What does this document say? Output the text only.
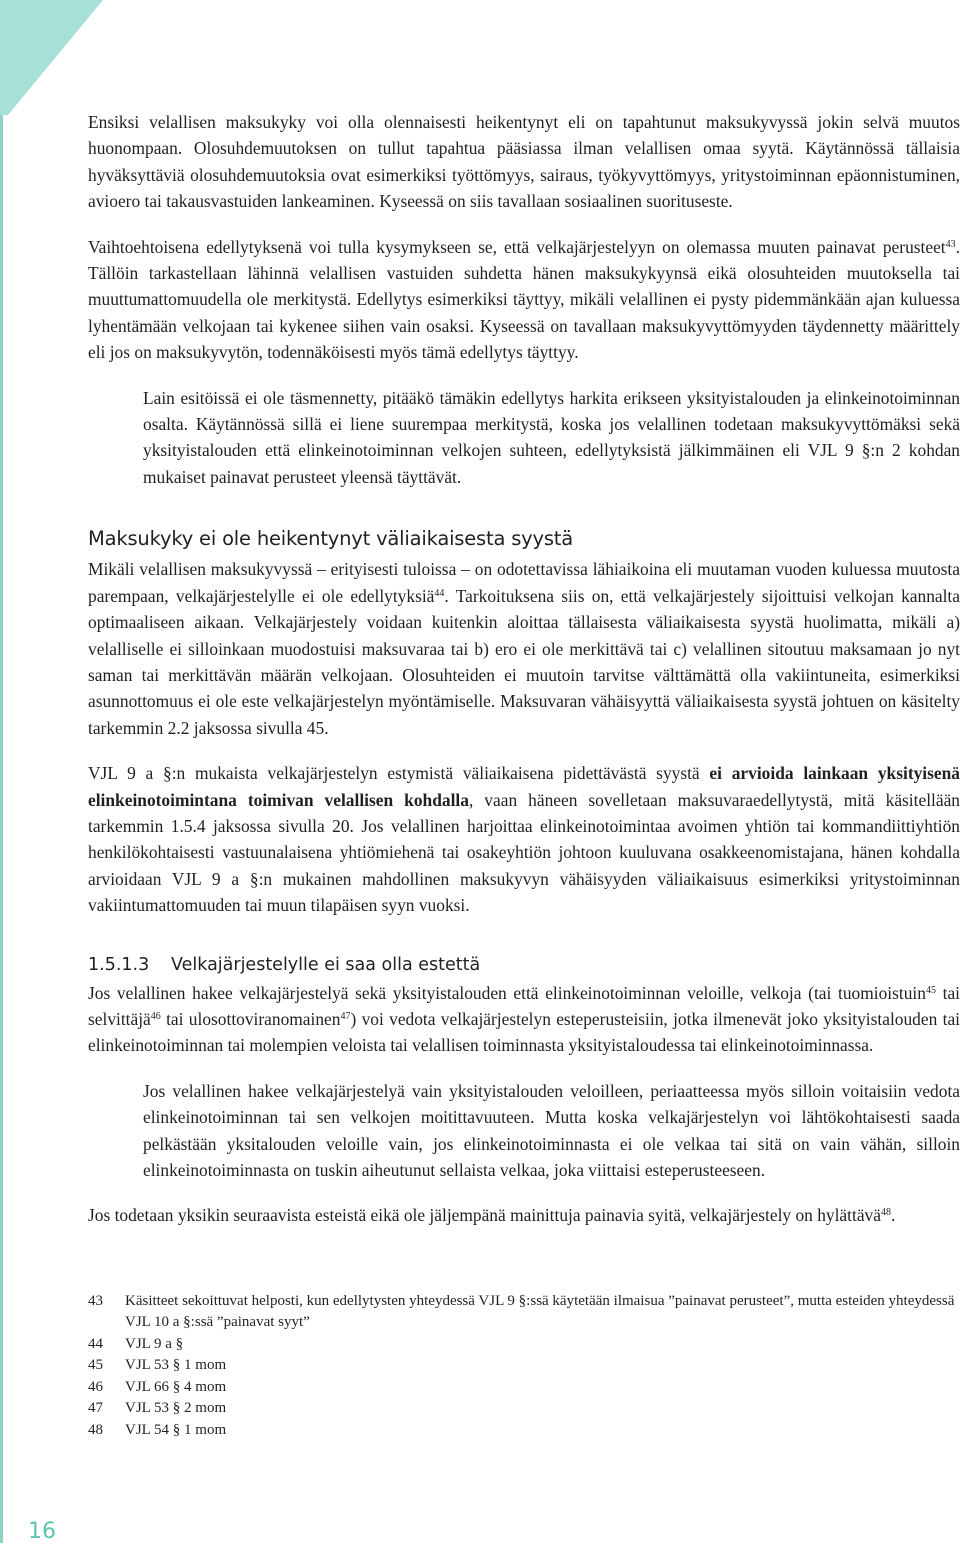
Ensiksi velallisen maksukyky voi olla olennaisesti heikentynyt eli on tapahtunut maksukyvyssä jokin selvä muutos huonompaan. Olosuhdemuutoksen on tullut tapahtua pääsiassa ilman velallisen omaa syytä. Käytännössä tällaisia hyväksyttäviä olosuhdemuutoksia ovat esimerkiksi työttömyys, sairaus, työkyvyttömyys, yritystoiminnan epäonnistuminen, avioero tai takausvastuiden lankeaminen. Kyseessä on siis tavallaan sosiaalinen suorituseste.

Vaihtoehtoisena edellytyksenä voi tulla kysymykseen se, että velkajärjestelyyn on olemassa muuten painavat perusteet$^{43}$. Tällöin tarkastellaan lähinnä velallisen vastuiden suhdetta hänen maksukykyynsä eikä olosuhteiden muutoksella tai muuttumattomuudella ole merkitystä. Edellytys esimerkiksi täyttyy, mikäli velallinen ei pysty pidemmänkään ajan kuluessa lyhentämään velkojaan tai kykenee siihen vain osaksi. Kyseessä on tavallaan maksukyvyttömyyden täydennetty määrittely eli jos on maksukyvytön, todennäköisesti myös tämä edellytys täyttyy.

Lain esitöissä ei ole täsmennetty, pitääkö tämäkin edellytys harkita erikseen yksityistalouden ja elinkeinotoiminnan osalta. Käytännössä sillä ei liene suurempaa merkitystä, koska jos velallinen todetaan maksukyvyttömäksi sekä yksityistalouden että elinkeinotoiminnan velkojen suhteen, edellytyksistä jälkimmäinen eli VJL 9 §:n 2 kohdan mukaiset painavat perusteet yleensä täyttävät.

Maksukyky ei ole heikentynyt väliaikaisesta syystä

Mikäli velallisen maksukyvyssä – erityisesti tuloissa – on odotettavissa lähiaikoina eli muutaman vuoden kuluessa muutosta parempaan, velkajärjestelylle ei ole edellytyksiä$^{44}$. Tarkoituksena siis on, että velkajärjestely sijoittuisi velkojan kannalta optimaaliseen aikaan. Velkajärjestely voidaan kuitenkin aloittaa tällaisesta väliaikaisesta syystä huolimatta, mikäli a) velalliselle ei silloinkaan muodostuisi maksuvaraa tai b) ero ei ole merkittävä tai c) velallinen sitoutuu maksamaan jo nyt saman tai merkittävän määrän velkojaan. Olosuhteiden ei muutoin tarvitse välttämättä olla vakiintuneita, esimerkiksi asunnottomuus ei ole este velkajärjestelyn myöntämiselle. Maksuvaran vähäisyyttä väliaikaisesta syystä johtuen on käsitelty tarkemmin 2.2 jaksossa sivulla 45.

VJL 9 a §:n mukaista velkajärjestelyn estymistä väliaikaisena pidettävästä syystä ei arvioida lainkaan yksityisenä elinkeinotoimintana toimivan velallisen kohdalla, vaan häneen sovelletaan maksuvaraedellytystä, mitä käsitellään tarkemmin 1.5.4 jaksossa sivulla 20. Jos velallinen harjoittaa elinkeinotoimintaa avoimen yhtiön tai kommandiittiyhtiön henkilökohtaisesti vastuunalaisena yhtiömiehenä tai osakeyhtiön johtoon kuuluvana osakkeenomistajana, hänen kohdalla arvioidaan VJL 9 a §:n mukainen mahdollinen maksukyvyn vähäisyyden väliaikaisuus esimerkiksi yritystoiminnan vakiintumattomuuden tai muun tilapäisen syyn vuoksi.

1.5.1.3 Velkajärjestelylle ei saa olla estettä

Jos velallinen hakee velkajärjestelyä sekä yksityistalouden että elinkeinotoiminnan veloille, velkoja (tai tuomioistuin$^{45}$ tai selvittäjä$^{46}$ tai ulosottoviranomainen$^{47}$) voi vedota velkajärjestelyn esteperusteisiin, jotka ilmenevät joko yksityistalouden tai elinkeinotoiminnan tai molempien veloista tai velallisen toiminnasta yksityistaloudessa tai elinkeinotoiminnassa.

Jos velallinen hakee velkajärjestelyä vain yksityistalouden veloilleen, periaatteessa myös silloin voitaisiin vedota elinkeinotoiminnan tai sen velkojen moitittavuuteen. Mutta koska velkajärjestelyn voi lähtökohtaisesti saada pelkästään yksitalouden veloille vain, jos elinkeinotoiminnasta ei ole velkaa tai sitä on vain vähän, silloin elinkeinotoiminnasta on tuskin aiheutunut sellaista velkaa, joka viittaisi esteperusteeseen.

Jos todetaan yksikin seuraavista esteistä eikä ole jäljempänä mainittuja painavia syitä, velkajärjestely on hylättävä$^{48}$.

43	Käsitteet sekoittuvat helposti, kun edellytysten yhteydessä VJL 9 §:ssä käytetään ilmaisua ”painavat perusteet”, mutta esteiden yhteydessä VJL 10 a §:ssä ”painavat syyt”
44	VJL 9 a §
45	VJL 53 § 1 mom
46	VJL 66 § 4 mom
47	VJL 53 § 2 mom
48	VJL 54 § 1 mom
16
